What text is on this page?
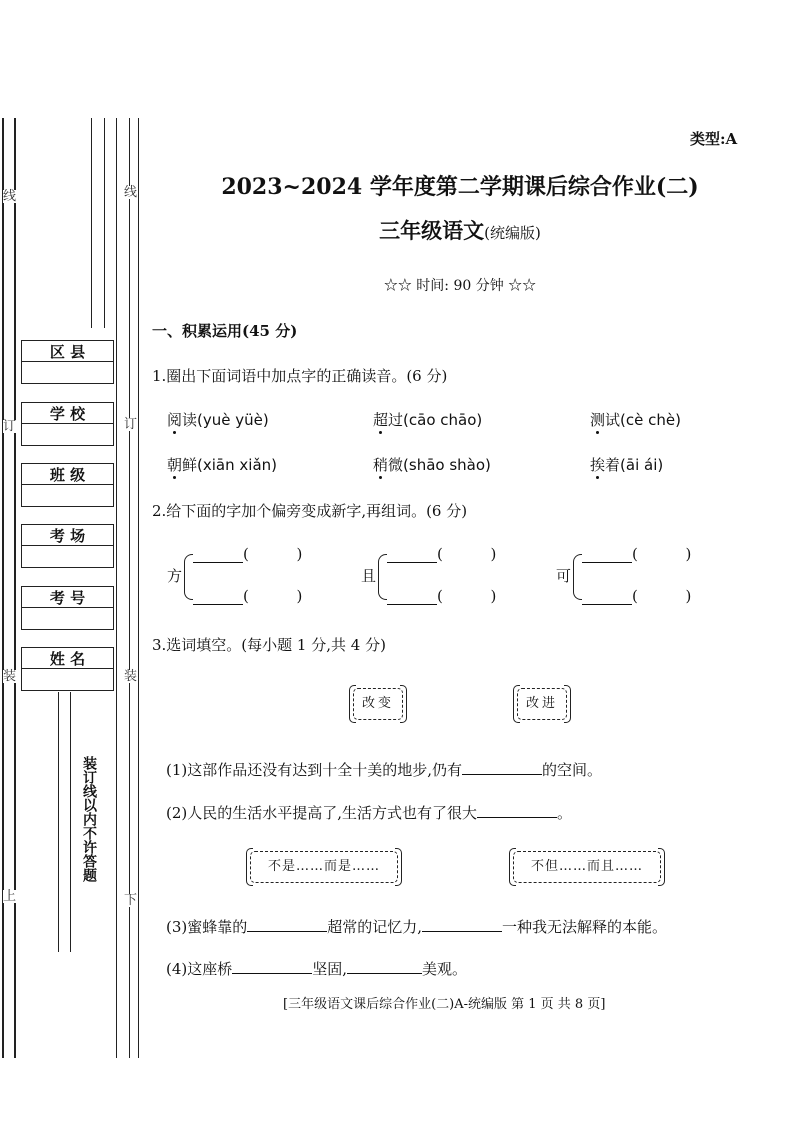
线
订
装
线
订
装
上	下
区 县
学 校
班 级
考 场
考 号
姓 名
装订线以内不许答题
类型:A
2023~2024 学年度第二学期课后综合作业(二)
三年级语文(统编版)
☆☆ 时间: 90 分钟 ☆☆
一、积累运用(45 分)
1.圈出下面词语中加点字的正确读音。(6 分)
阅读(yuè yüè)	超过(cāo chāo)	测试(cè chè)
朝鲜(xiān xiǎn)	稍微(shāo shào)	挨着(āi ái)
2.给下面的字加个偏旁变成新字,再组词。(6 分)
方
(          )
(          )
且
(          )
(          )
可
(          )
(          )
3.选词填空。(每小题 1 分,共 4 分)
改变	改进
(1)这部作品还没有达到十全十美的地步,仍有	的空间。
(2)人民的生活水平提高了,生活方式也有了很大	。
不是……而是……	不但……而且……
(3)蜜蜂靠的	超常的记忆力,	一种我无法解释的本能。
(4)这座桥	坚固,	美观。
[三年级语文课后综合作业(二)A-统编版 第 1 页 共 8 页]
